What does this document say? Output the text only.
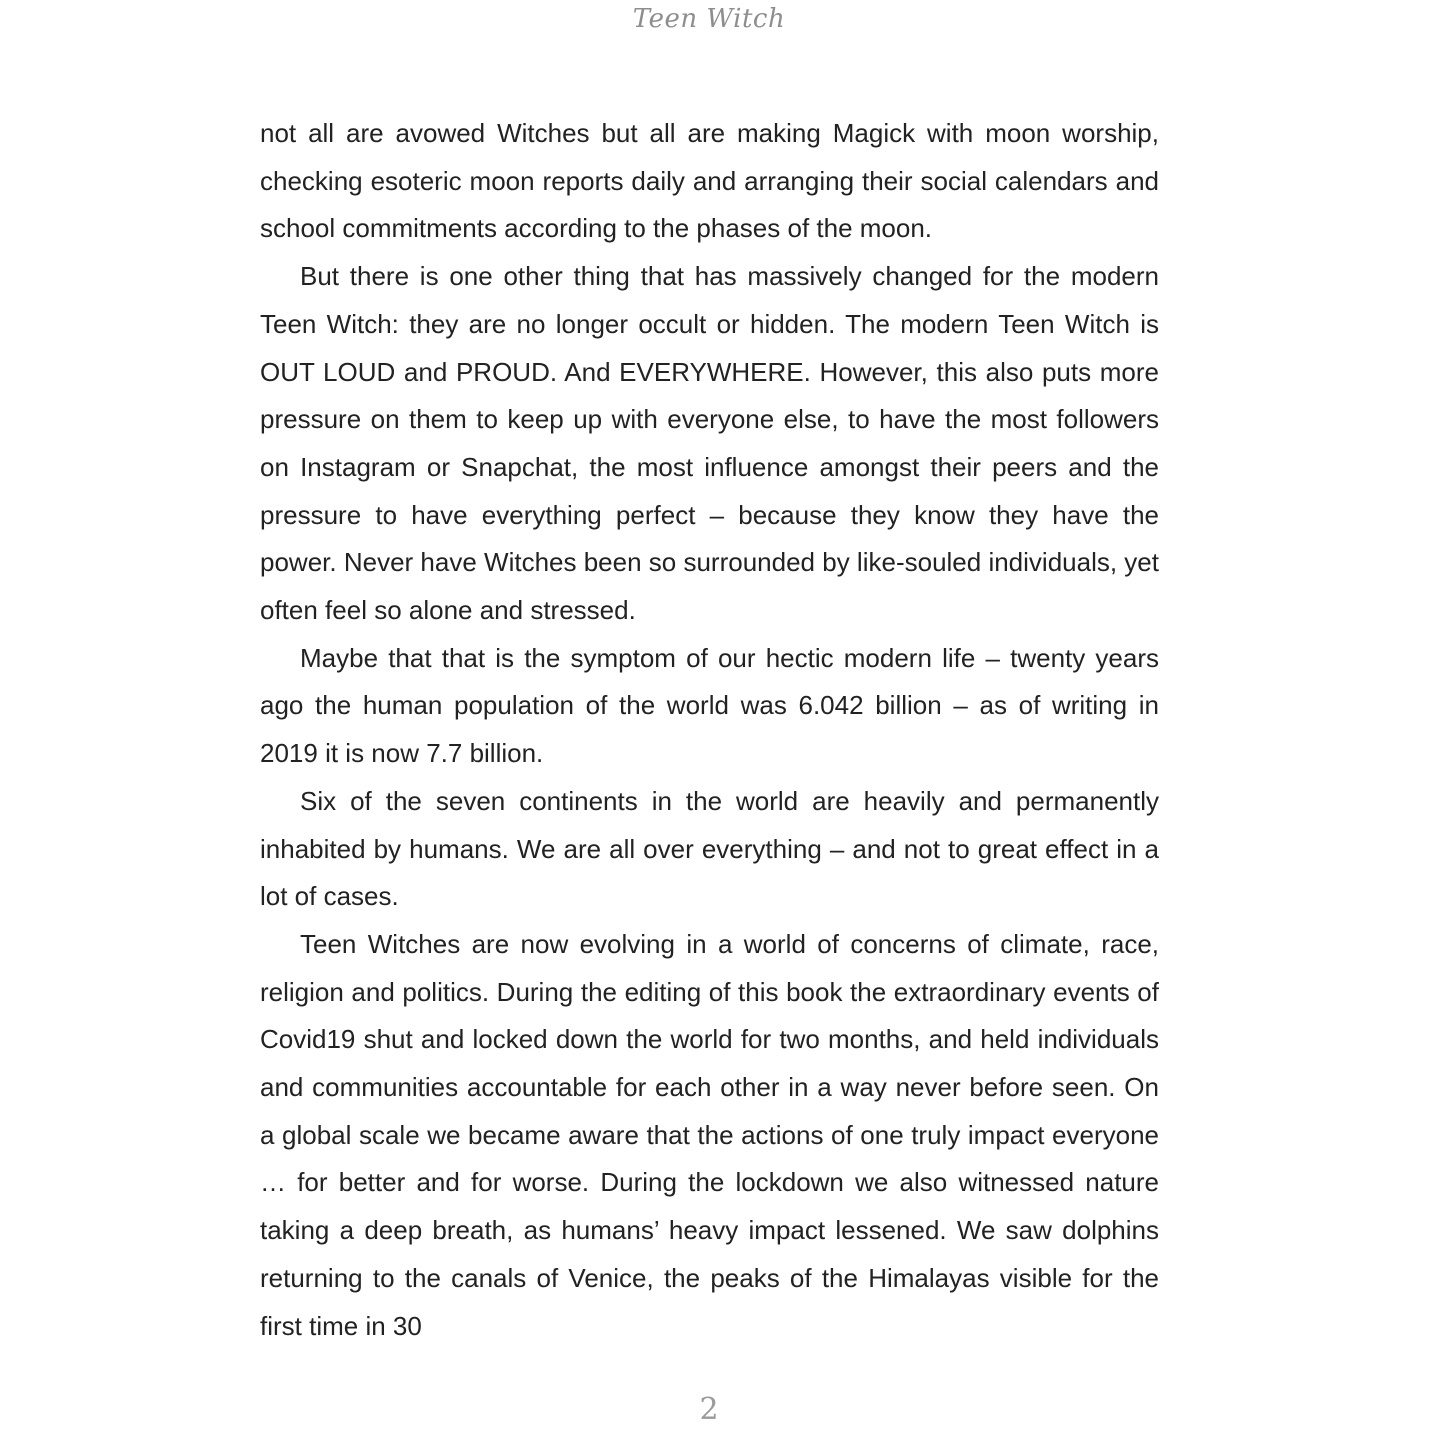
Teen Witch

not all are avowed Witches but all are making Magick with moon worship, checking esoteric moon reports daily and arranging their social calendars and school commitments according to the phases of the moon.

But there is one other thing that has massively changed for the modern Teen Witch: they are no longer occult or hidden. The modern Teen Witch is OUT LOUD and PROUD. And EVERYWHERE. However, this also puts more pressure on them to keep up with everyone else, to have the most followers on Instagram or Snapchat, the most influence amongst their peers and the pressure to have everything perfect – because they know they have the power. Never have Witches been so surrounded by like-souled individuals, yet often feel so alone and stressed.

Maybe that that is the symptom of our hectic modern life – twenty years ago the human population of the world was 6.042 billion – as of writing in 2019 it is now 7.7 billion.

Six of the seven continents in the world are heavily and permanently inhabited by humans. We are all over everything – and not to great effect in a lot of cases.

Teen Witches are now evolving in a world of concerns of climate, race, religion and politics. During the editing of this book the extraordinary events of Covid19 shut and locked down the world for two months, and held individuals and communities accountable for each other in a way never before seen. On a global scale we became aware that the actions of one truly impact everyone … for better and for worse. During the lockdown we also witnessed nature taking a deep breath, as humans’ heavy impact lessened. We saw dolphins returning to the canals of Venice, the peaks of the Himalayas visible for the first time in 30

2
